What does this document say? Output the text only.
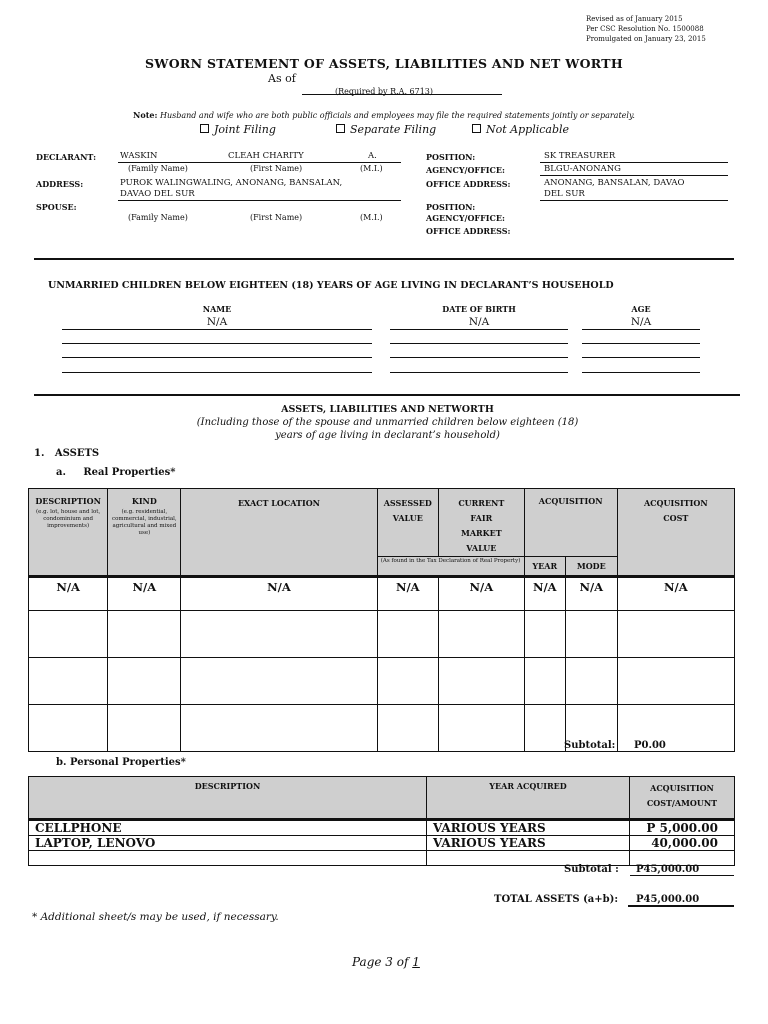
Revised as of January 2015
Per CSC Resolution No. 1500088
Promulgated on January 23, 2015
SWORN STATEMENT OF ASSETS, LIABILITIES AND NET WORTH
As of
(Required by R.A. 6713)
Note: Husband and wife who are both public officials and employees may file the required statements jointly or separately.
Joint Filing	Separate Filing	Not Applicable
DECLARANT:	WASKIN	CLEAH CHARITY	A.
(Family Name)	(First Name)	(M.I.)
ADDRESS:	PUROK WALINGWALING, ANONANG, BANSALAN,
DAVAO DEL SUR
POSITION:	SK TREASURER
AGENCY/OFFICE:	BLGU-ANONANG
OFFICE ADDRESS:	ANONANG, BANSALAN, DAVAO
DEL SUR
SPOUSE:
(Family Name)	(First Name)	(M.I.)
POSITION:
AGENCY/OFFICE:
OFFICE ADDRESS:
UNMARRIED CHILDREN BELOW EIGHTEEN (18) YEARS OF AGE LIVING IN DECLARANT’S HOUSEHOLD
NAME	DATE OF BIRTH	AGE
N/A	N/A	N/A
ASSETS, LIABILITIES AND NETWORTH
(Including those of the spouse and unmarried children below eighteen (18)
years of age living in declarant’s household)
1.   ASSETS
a.     Real Properties*
DESCRIPTION
(e.g. lot, house and lot, condominium and improvements)	KIND
(e.g. residential, commercial, industrial, agricultural and mixed use)	EXACT LOCATION	ASSESSED VALUE	CURRENT FAIR MARKET VALUE	ACQUISITION		ACQUISITION COST

			(As found in the Tax Declaration of Real Property)		YEAR	MODE	
N/A	N/A	N/A	N/A	N/A	N/A	N/A	N/A

Subtotal:	P0.00
b. Personal Properties*
DESCRIPTION	YEAR ACQUIRED	ACQUISITION
COST/AMOUNT

CELLPHONE	VARIOUS YEARS	P 5,000.00
LAPTOP, LENOVO	VARIOUS YEARS	40,000.00

Subtotal :	P45,000.00
TOTAL ASSETS (a+b):	P45,000.00
* Additional sheet/s may be used, if necessary.
Page 3 of 1
